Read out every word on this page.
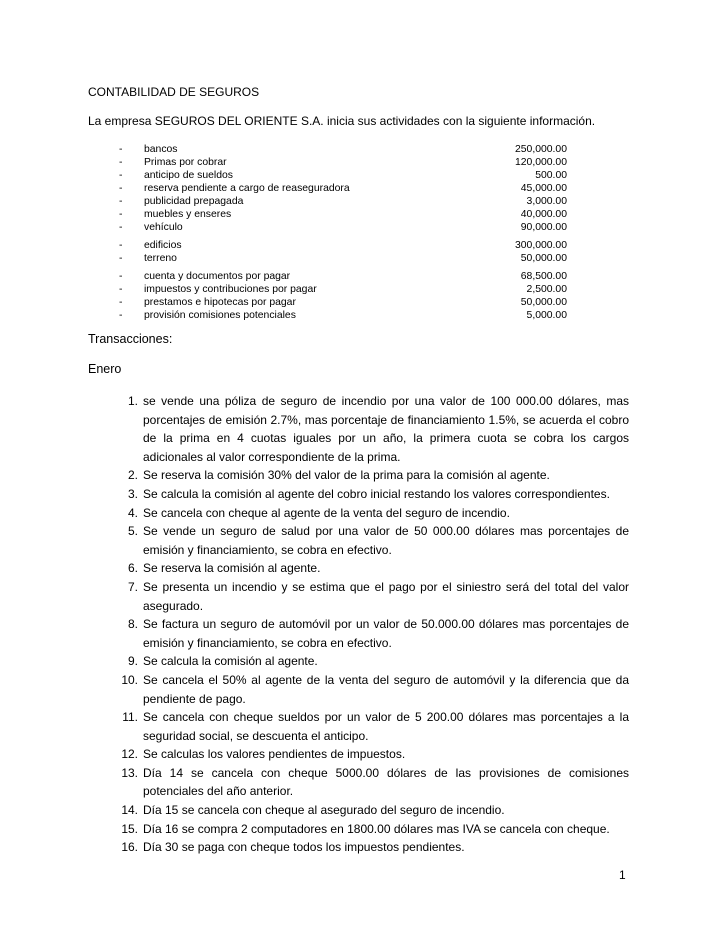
CONTABILIDAD DE SEGUROS
La empresa SEGUROS DEL ORIENTE S.A. inicia sus actividades con la siguiente información.
-	bancos	250,000.00
-	Primas por cobrar	120,000.00
-	anticipo de sueldos	500.00
-	reserva pendiente a cargo de reaseguradora	45,000.00
-	publicidad prepagada	3,000.00
-	muebles y enseres	40,000.00
-	vehículo	90,000.00
-	edificios	300,000.00
-	terreno	50,000.00
-	cuenta y documentos por pagar	68,500.00
-	impuestos y contribuciones por pagar	2,500.00
-	prestamos e hipotecas por pagar	50,000.00
-	provisión comisiones potenciales	5,000.00
Transacciones:
Enero
1. se vende una póliza de seguro de incendio por una valor de 100 000.00 dólares, mas porcentajes de emisión 2.7%, mas porcentaje de financiamiento 1.5%, se acuerda el cobro de la prima en 4 cuotas iguales por un año, la primera cuota se cobra los cargos adicionales al valor correspondiente de la prima.
2. Se reserva la comisión 30% del valor de la prima para la comisión al agente.
3. Se calcula la comisión al agente del cobro inicial restando los valores correspondientes.
4. Se cancela con cheque al agente de la venta del seguro de incendio.
5. Se vende un seguro de salud por una valor de 50 000.00 dólares mas porcentajes de emisión y financiamiento, se cobra en efectivo.
6. Se reserva la comisión al agente.
7. Se presenta un incendio y se estima que el pago por el siniestro será del total del valor asegurado.
8. Se factura un seguro de automóvil por un valor de 50.000.00 dólares mas porcentajes de emisión y financiamiento, se cobra en efectivo.
9. Se calcula la comisión al agente.
10. Se cancela el 50% al agente de la venta del seguro de automóvil y la diferencia que da pendiente de pago.
11. Se cancela con cheque sueldos por un valor de 5 200.00 dólares mas porcentajes a la seguridad social, se descuenta el anticipo.
12. Se calculas los valores pendientes de impuestos.
13. Día 14 se cancela con cheque 5000.00 dólares de las provisiones de comisiones potenciales del año anterior.
14. Día 15 se cancela con cheque al asegurado del seguro de incendio.
15. Día 16 se compra 2 computadores en 1800.00 dólares mas IVA se cancela con cheque.
16. Día 30 se paga con cheque todos los impuestos pendientes.
1
